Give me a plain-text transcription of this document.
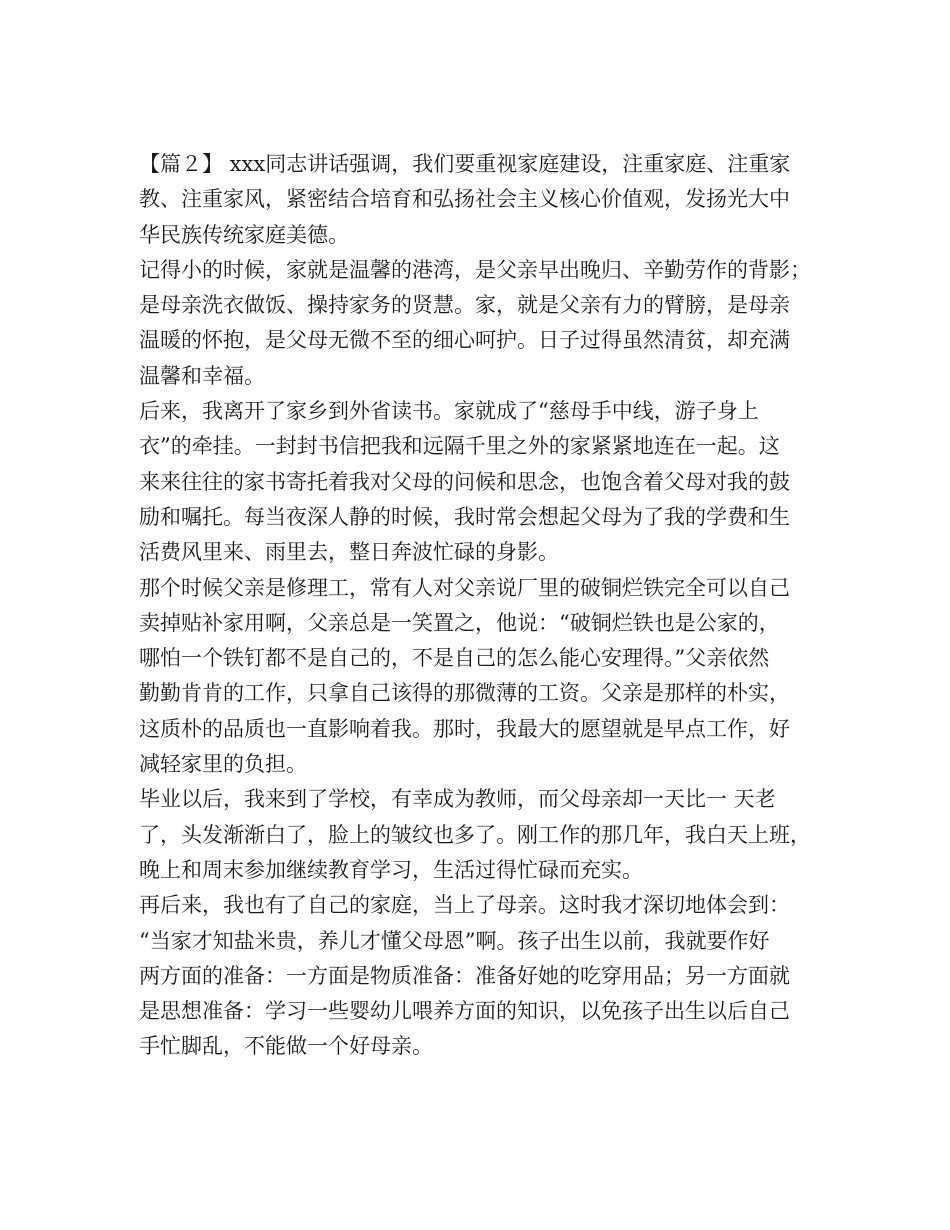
【篇２】 xxx同志讲话强调，我们要重视家庭建设，注重家庭、注重家
教、注重家风，紧密结合培育和弘扬社会主义核心价值观，发扬光大中
华民族传统家庭美德。
记得小的时候，家就是温馨的港湾，是父亲早出晚归、辛勤劳作的背影；
是母亲洗衣做饭、操持家务的贤慧。家，就是父亲有力的臂膀，是母亲
温暖的怀抱，是父母无微不至的细心呵护。日子过得虽然清贫，却充满
温馨和幸福。
后来，我离开了家乡到外省读书。家就成了“慈母手中线，游子身上
衣”的牵挂。一封封书信把我和远隔千里之外的家紧紧地连在一起。这
来来往往的家书寄托着我对父母的问候和思念，也饱含着父母对我的鼓
励和嘱托。每当夜深人静的时候，我时常会想起父母为了我的学费和生
活费风里来、雨里去，整日奔波忙碌的身影。
那个时候父亲是修理工，常有人对父亲说厂里的破铜烂铁完全可以自己
卖掉贴补家用啊，父亲总是一笑置之，他说：“破铜烂铁也是公家的，
哪怕一个铁钉都不是自己的，不是自己的怎么能心安理得。”父亲依然
勤勤肯肯的工作，只拿自己该得的那微薄的工资。父亲是那样的朴实，
这质朴的品质也一直影响着我。那时，我最大的愿望就是早点工作，好
减轻家里的负担。
毕业以后，我来到了学校，有幸成为教师，而父母亲却一天比一 天老
了，头发渐渐白了，脸上的皱纹也多了。刚工作的那几年，我白天上班，
晚上和周末参加继续教育学习，生活过得忙碌而充实。
再后来，我也有了自己的家庭，当上了母亲。这时我才深切地体会到：
“当家才知盐米贵，养儿才懂父母恩”啊。孩子出生以前，我就要作好
两方面的准备：一方面是物质准备：准备好她的吃穿用品；另一方面就
是思想准备：学习一些婴幼儿喂养方面的知识，以免孩子出生以后自己
手忙脚乱，不能做一个好母亲。
